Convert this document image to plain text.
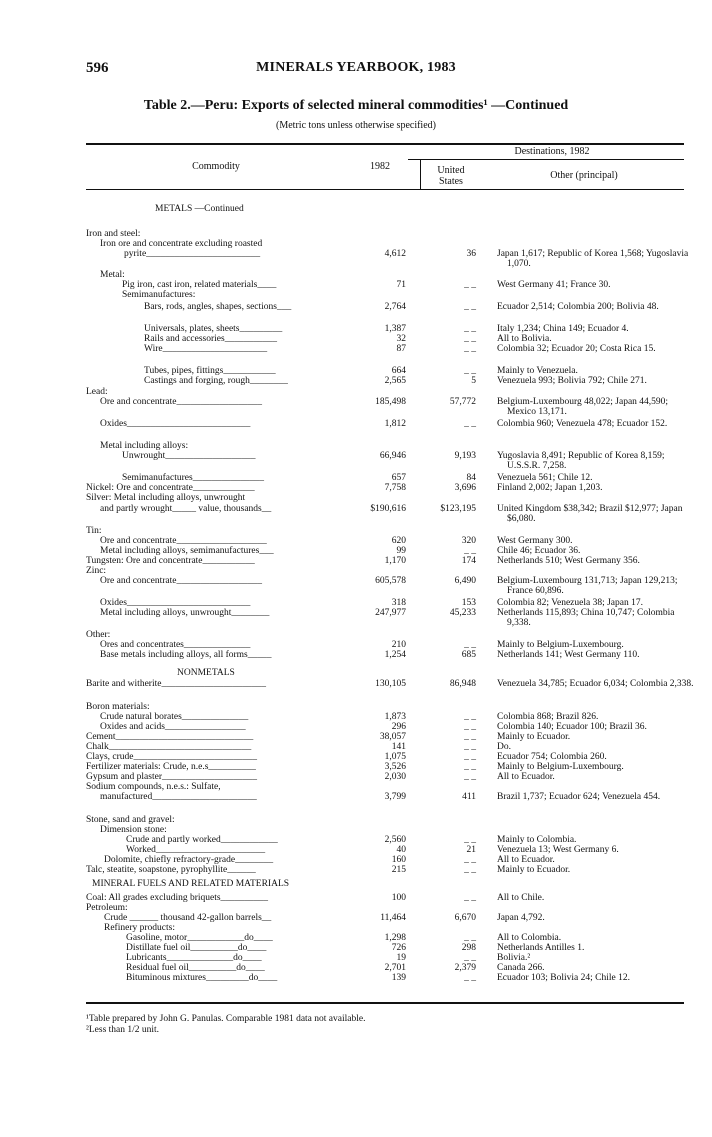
596	MINERALS YEARBOOK, 1983
Table 2.—Peru: Exports of selected mineral commodities¹ —Continued
(Metric tons unless otherwise specified)
Commodity	1982
Destinations, 1982
United
States
Other (principal)
METALS —Continued
NONMETALS
MINERAL FUELS AND RELATED MATERIALS
Iron and steel:
Iron ore and concentrate excluding roasted
pyrite________________________	4,612	36 Japan 1,617; Republic of Korea 1,568; Yugoslavia 1,070.
Metal:
Pig iron, cast iron, related materials____	71	_ _ West Germany 41; France 30.
Semimanufactures:
Bars, rods, angles, shapes, sections___	2,764	_ _ Ecuador 2,514; Colombia 200; Bolivia 48.
Universals, plates, sheets_________	1,387	_ _ Italy 1,234; China 149; Ecuador 4.
Rails and accessories___________	32	_ _ All to Bolivia.
Wire______________________	87	_ _ Colombia 32; Ecuador 20; Costa Rica 15.
Tubes, pipes, fittings___________	664	_ _ Mainly to Venezuela.
Castings and forging, rough________	2,565	5 Venezuela 993; Bolivia 792; Chile 271.
Lead:
Ore and concentrate__________________	185,498	57,772 Belgium-Luxembourg 48,022; Japan 44,590; Mexico 13,171.
Oxides__________________________	1,812	_ _ Colombia 960; Venezuela 478; Ecuador 152.
Metal including alloys:
Unwrought___________________	66,946	9,193 Yugoslavia 8,491; Republic of Korea 8,159; U.S.S.R. 7,258.
Semimanufactures_______________	657	84 Venezuela 561; Chile 12.
Nickel: Ore and concentrate_____________	7,758	3,696 Finland 2,002; Japan 1,203.
Silver: Metal including alloys, unwrought
and partly wrought_____ value, thousands__	$190,616	$123,195 United Kingdom $38,342; Brazil $12,977; Japan $6,080.
Tin:
Ore and concentrate___________________	620	320 West Germany 300.
Metal including alloys, semimanufactures___	99	_ _ Chile 46; Ecuador 36.
Tungsten: Ore and concentrate___________	1,170	174 Netherlands 510; West Germany 356.
Zinc:
Ore and concentrate__________________	605,578	6,490 Belgium-Luxembourg 131,713; Japan 129,213; France 60,896.
Oxides__________________________	318	153 Colombia 82; Venezuela 38; Japan 17.
Metal including alloys, unwrought________	247,977	45,233 Netherlands 115,893; China 10,747; Colombia 9,338.
Other:
Ores and concentrates______________	210	_ _ Mainly to Belgium-Luxembourg.
Base metals including alloys, all forms_____	1,254	685 Netherlands 141; West Germany 110.
Barite and witherite______________________	130,105	86,948 Venezuela 34,785; Ecuador 6,034; Colombia 2,338.
Boron materials:
Crude natural borates______________	1,873	_ _ Colombia 868; Brazil 826.
Oxides and acids_________________	296	_ _ Colombia 140; Ecuador 100; Brazil 36.
Cement_____________________________	38,057	_ _ Mainly to Ecuador.
Chalk______________________________	141	_ _ Do.
Clays, crude__________________________	1,075	_ _ Ecuador 754; Colombia 260.
Fertilizer materials: Crude, n.e.s__________	3,526	_ _ Mainly to Belgium-Luxembourg.
Gypsum and plaster____________________	2,030	_ _ All to Ecuador.
Sodium compounds, n.e.s.: Sulfate,
manufactured______________________	3,799	411 Brazil 1,737; Ecuador 624; Venezuela 454.
Stone, sand and gravel:
Dimension stone:
Crude and partly worked____________	2,560	_ _ Mainly to Colombia.
Worked_______________________	40	21 Venezuela 13; West Germany 6.
Dolomite, chiefly refractory-grade________	160	_ _ All to Ecuador.
Talc, steatite, soapstone, pyrophyllite______	215	_ _ Mainly to Ecuador.
Coal: All grades excluding briquets__________	100	_ _ All to Chile.
Petroleum:
Crude ______ thousand 42-gallon barrels__	11,464	6,670 Japan 4,792.
Refinery products:
Gasoline, motor____________do____	1,298	_ _ All to Colombia.
Distillate fuel oil__________do____	726	298 Netherlands Antilles 1.
Lubricants______________do____	19	_ _ Bolivia.²
Residual fuel oil__________do____	2,701	2,379 Canada 266.
Bituminous mixtures_________do____	139	_ _ Ecuador 103; Bolivia 24; Chile 12.
¹Table prepared by John G. Panulas. Comparable 1981 data not available.
²Less than 1/2 unit.
